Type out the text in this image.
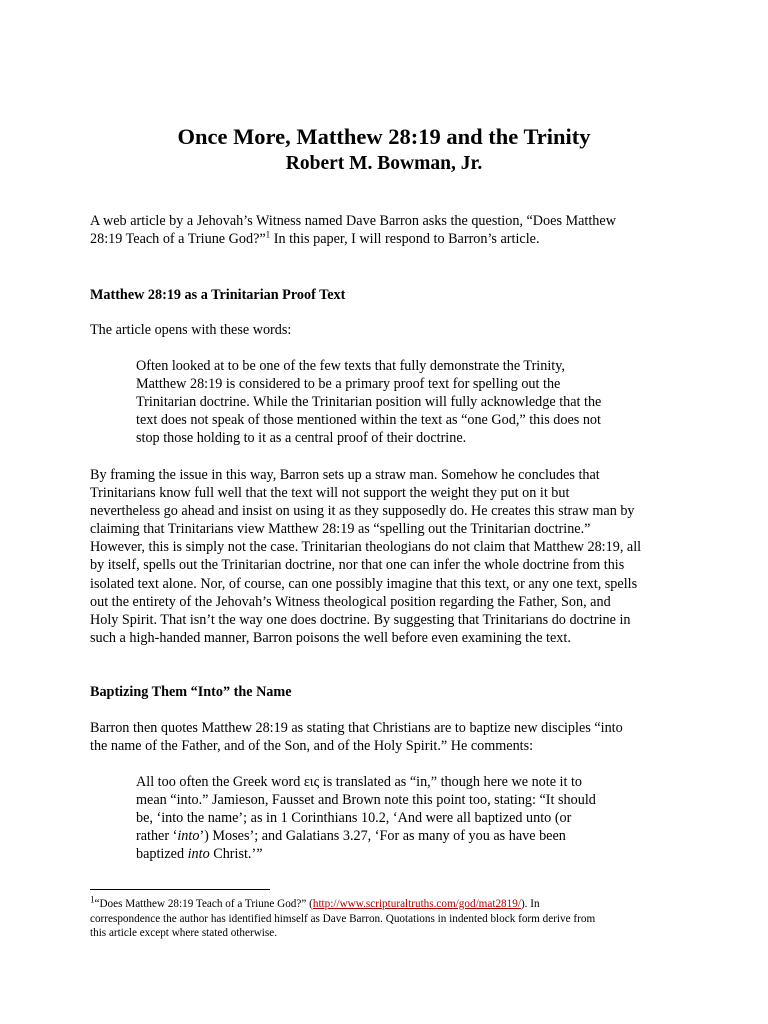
Once More, Matthew 28:19 and the Trinity
Robert M. Bowman, Jr.

A web article by a Jehovah’s Witness named Dave Barron asks the question, “Does Matthew
28:19 Teach of a Triune God?”$^1$ In this paper, I will respond to Barron’s article.

Matthew 28:19 as a Trinitarian Proof Text

The article opens with these words:

Often looked at to be one of the few texts that fully demonstrate the Trinity,
Matthew 28:19 is considered to be a primary proof text for spelling out the
Trinitarian doctrine. While the Trinitarian position will fully acknowledge that the
text does not speak of those mentioned within the text as “one God,” this does not
stop those holding to it as a central proof of their doctrine.

By framing the issue in this way, Barron sets up a straw man. Somehow he concludes that
Trinitarians know full well that the text will not support the weight they put on it but
nevertheless go ahead and insist on using it as they supposedly do. He creates this straw man by
claiming that Trinitarians view Matthew 28:19 as “spelling out the Trinitarian doctrine.”
However, this is simply not the case. Trinitarian theologians do not claim that Matthew 28:19, all
by itself, spells out the Trinitarian doctrine, nor that one can infer the whole doctrine from this
isolated text alone. Nor, of course, can one possibly imagine that this text, or any one text, spells
out the entirety of the Jehovah’s Witness theological position regarding the Father, Son, and
Holy Spirit. That isn’t the way one does doctrine. By suggesting that Trinitarians do doctrine in
such a high-handed manner, Barron poisons the well before even examining the text.

Baptizing Them “Into” the Name

Barron then quotes Matthew 28:19 as stating that Christians are to baptize new disciples “into
the name of the Father, and of the Son, and of the Holy Spirit.” He comments:

All too often the Greek word εις is translated as “in,” though here we note it to
mean “into.” Jamieson, Fausset and Brown note this point too, stating: “It should
be, ‘into the name’; as in 1 Corinthians 10.2, ‘And were all baptized unto (or
rather ‘into’) Moses’; and Galatians 3.27, ‘For as many of you as have been
baptized into Christ.’”
$^1$“Does Matthew 28:19 Teach of a Triune God?” (http://www.scripturaltruths.com/god/mat2819/). In
correspondence the author has identified himself as Dave Barron. Quotations in indented block form derive from
this article except where stated otherwise.
